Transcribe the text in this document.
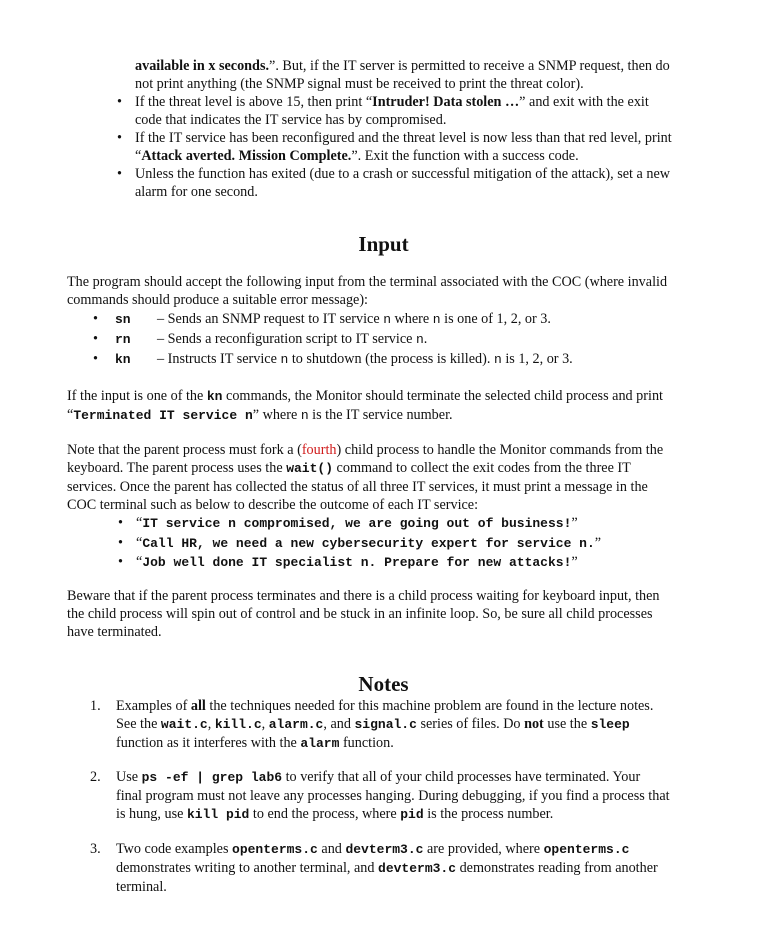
available in x seconds.”. But, if the IT server is permitted to receive a SNMP request, then do

not print anything (the SNMP signal must be received to print the threat color).

• If the threat level is above 15, then print “Intruder! Data stolen …” and exit with the exit

code that indicates the IT service has by compromised.

• If the IT service has been reconfigured and the threat level is now less than that red level, print

“Attack averted. Mission Complete.”. Exit the function with a success code.

• Unless the function has exited (due to a crash or successful mitigation of the attack), set a new

alarm for one second.

Input

The program should accept the following input from the terminal associated with the COC (where invalid

commands should produce a suitable error message):

• sn – Sends an SNMP request to IT service n where n is one of 1, 2, or 3.

• rn – Sends a reconfiguration script to IT service n.

• kn – Instructs IT service n to shutdown (the process is killed). n is 1, 2, or 3.

If the input is one of the kn commands, the Monitor should terminate the selected child process and print

“Terminated IT service n” where n is the IT service number.

Note that the parent process must fork a (fourth) child process to handle the Monitor commands from the

keyboard. The parent process uses the wait() command to collect the exit codes from the three IT

services. Once the parent has collected the status of all three IT services, it must print a message in the

COC terminal such as below to describe the outcome of each IT service:

• “IT service n compromised, we are going out of business!”

• “Call HR, we need a new cybersecurity expert for service n.”

• “Job well done IT specialist n. Prepare for new attacks!”

Beware that if the parent process terminates and there is a child process waiting for keyboard input, then

the child process will spin out of control and be stuck in an infinite loop. So, be sure all child processes

have terminated.

Notes
1. Examples of all the techniques needed for this machine problem are found in the lecture notes.

See the wait.c, kill.c, alarm.c, and signal.c series of files. Do not use the sleep

function as it interferes with the alarm function.

2. Use ps -ef | grep lab6 to verify that all of your child processes have terminated. Your

final program must not leave any processes hanging. During debugging, if you find a process that

is hung, use kill pid to end the process, where pid is the process number.

3. Two code examples openterms.c and devterm3.c are provided, where openterms.c

demonstrates writing to another terminal, and devterm3.c demonstrates reading from another

terminal.
